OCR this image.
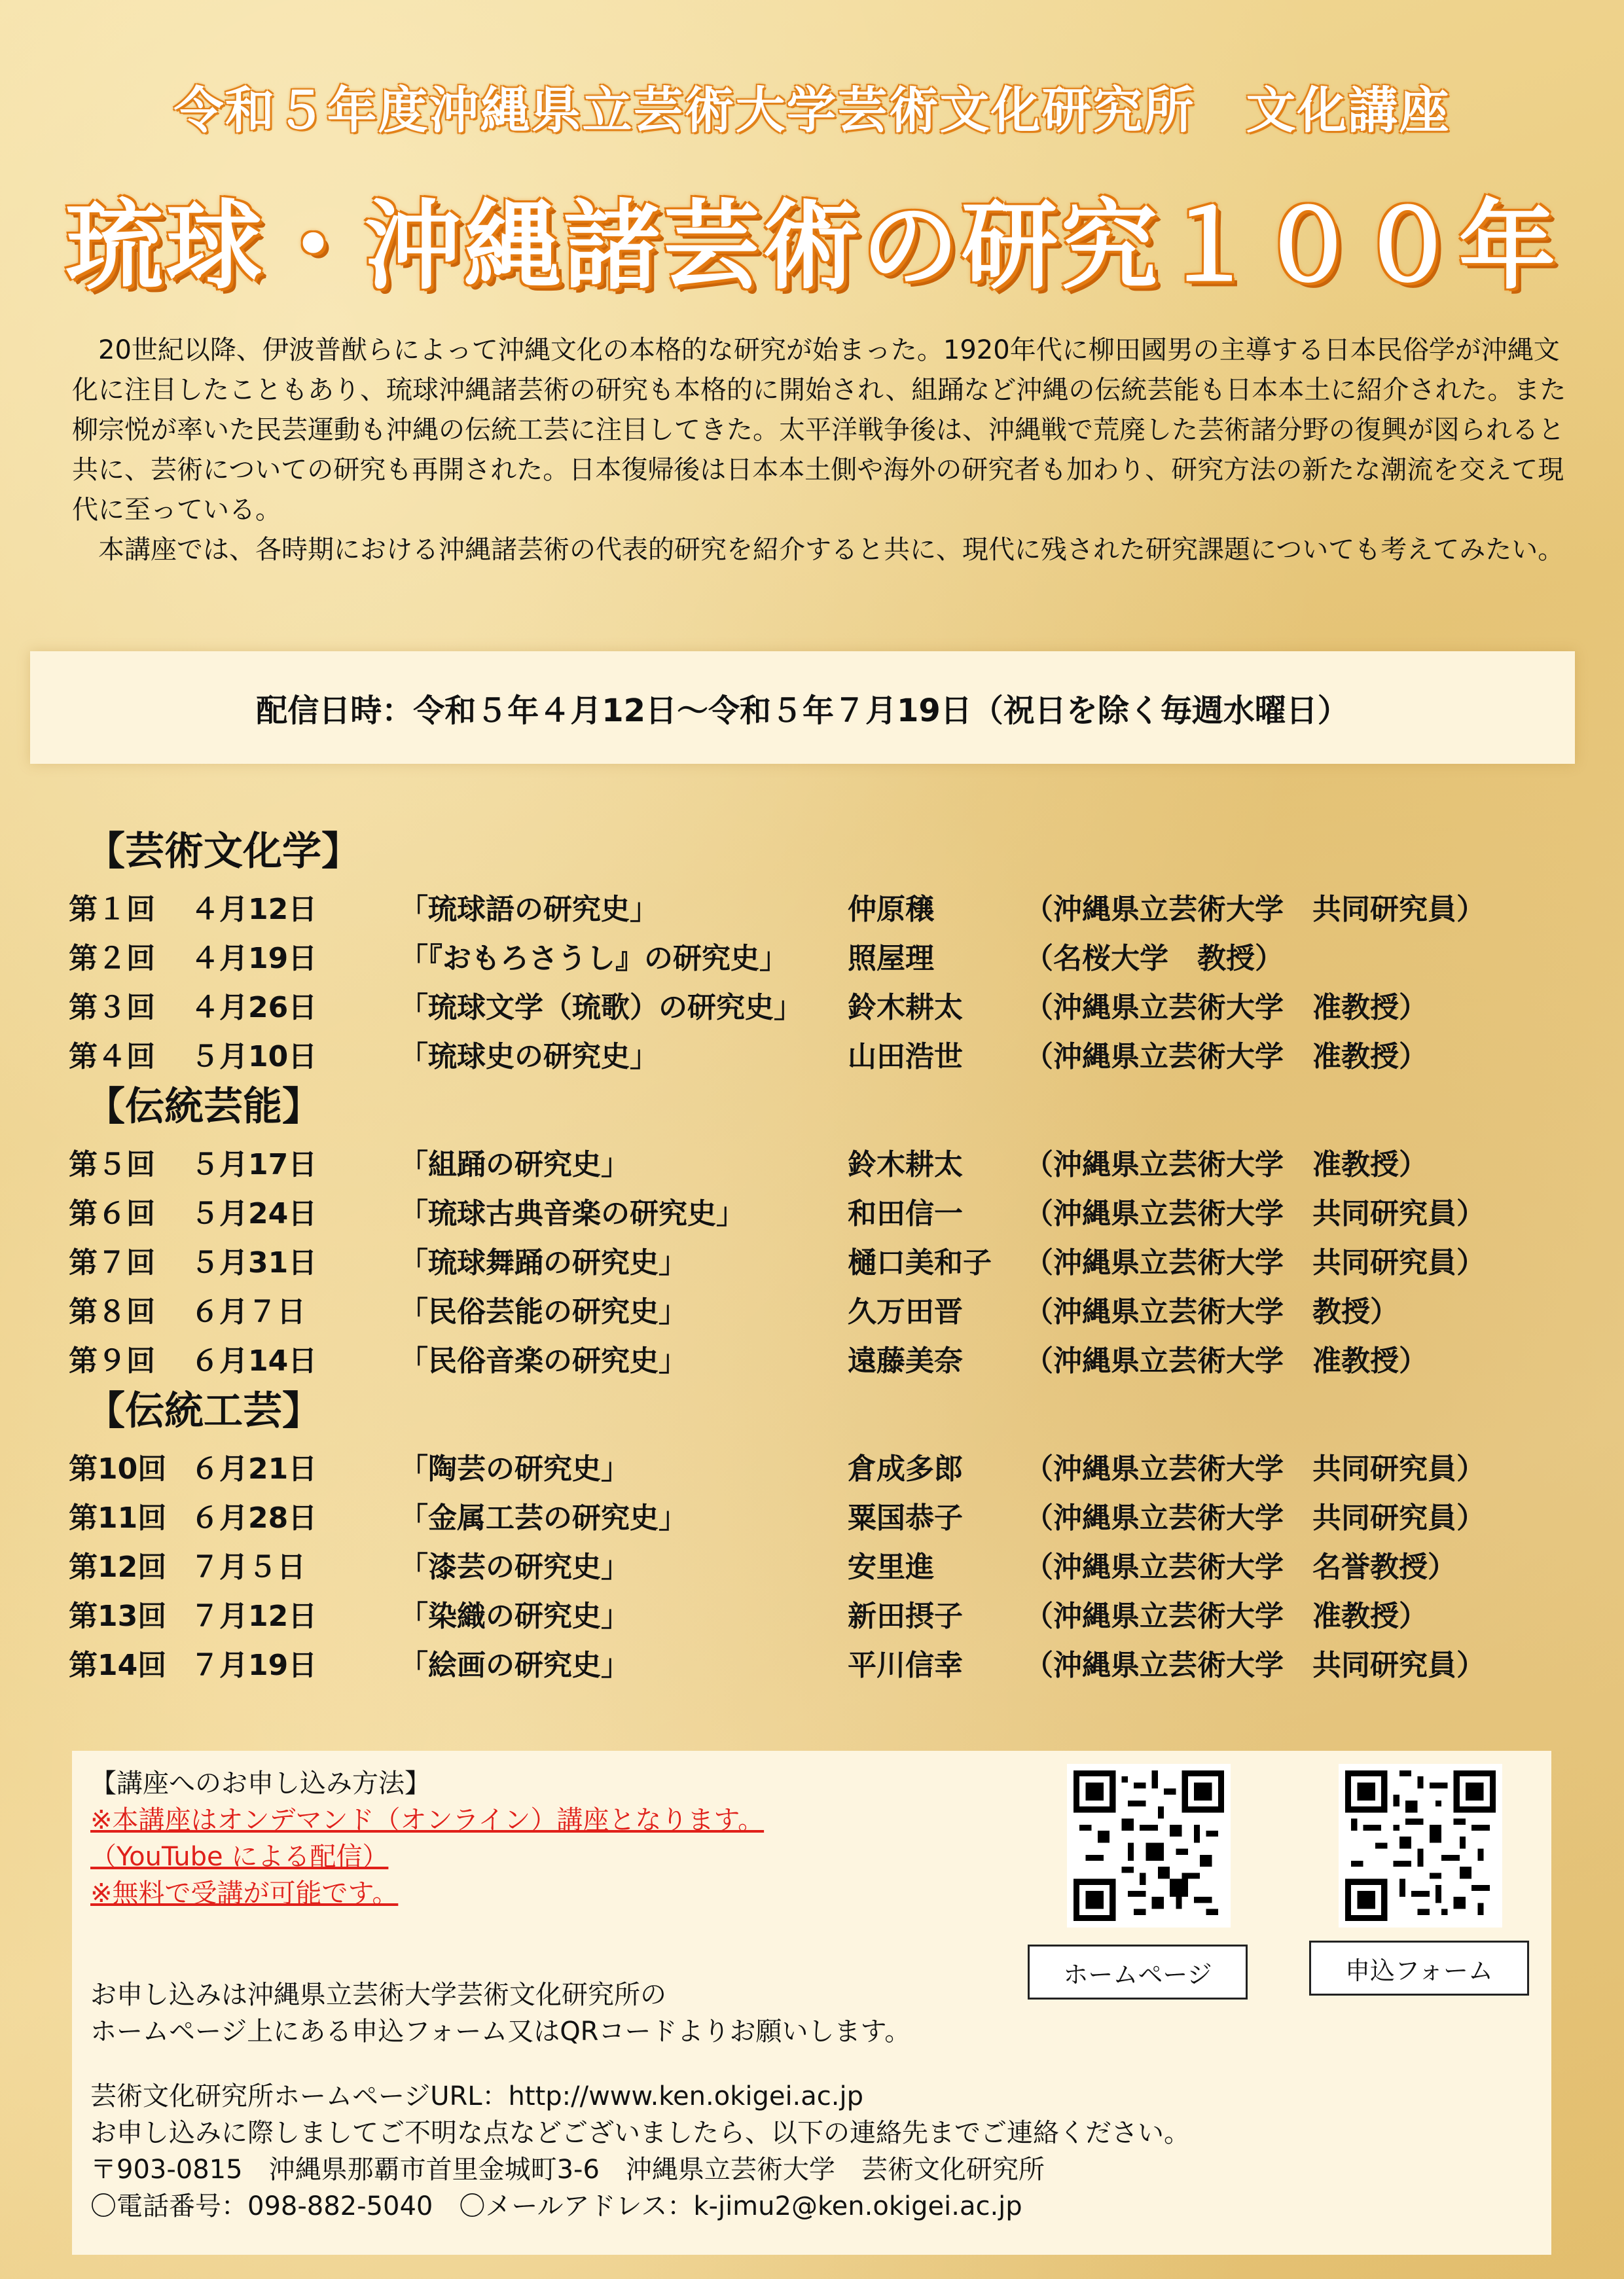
令和５年度沖縄県立芸術大学芸術文化研究所　文化講座
琉球・沖縄諸芸術の研究１００年

20世紀以降、伊波普猷らによって沖縄文化の本格的な研究が始まった。1920年代に柳田國男の主導する日本民俗学が沖縄文化に注目したこともあり、琉球沖縄諸芸術の研究も本格的に開始され、組踊など沖縄の伝統芸能も日本本土に紹介された。また柳宗悦が率いた民芸運動も沖縄の伝統工芸に注目してきた。太平洋戦争後は、沖縄戦で荒廃した芸術諸分野の復興が図られると共に、芸術についての研究も再開された。日本復帰後は日本本土側や海外の研究者も加わり、研究方法の新たな潮流を交えて現代に至っている。

本講座では、各時期における沖縄諸芸術の代表的研究を紹介すると共に、現代に残された研究課題についても考えてみたい。

配信日時：令和５年４月12日～令和５年７月19日（祝日を除く毎週水曜日）
【芸術文化学】
第１回 ４月12日	「琉球語の研究史」	仲原穣	（沖縄県立芸術大学　共同研究員）
第２回 ４月19日	「『おもろさうし』の研究史」 照屋理	（名桜大学　教授）
第３回 ４月26日	「琉球文学（琉歌）の研究史」 鈴木耕太 （沖縄県立芸術大学　准教授）
第４回 ５月10日	「琉球史の研究史」	山田浩世 （沖縄県立芸術大学　准教授）
【伝統芸能】
第５回 ５月17日	「組踊の研究史」	鈴木耕太 （沖縄県立芸術大学　准教授）
第６回 ５月24日	「琉球古典音楽の研究史」	和田信一 （沖縄県立芸術大学　共同研究員）
第７回 ５月31日	「琉球舞踊の研究史」	樋口美和子 （沖縄県立芸術大学　共同研究員）
第８回 ６月７日	「民俗芸能の研究史」	久万田晋 （沖縄県立芸術大学　教授）
第９回 ６月14日	「民俗音楽の研究史」	遠藤美奈 （沖縄県立芸術大学　准教授）
【伝統工芸】
第10回 ６月21日	「陶芸の研究史」	倉成多郎 （沖縄県立芸術大学　共同研究員）
第11回 ６月28日	「金属工芸の研究史」	粟国恭子 （沖縄県立芸術大学　共同研究員）
第12回 ７月５日	「漆芸の研究史」	安里進	（沖縄県立芸術大学　名誉教授）
第13回 ７月12日	「染織の研究史」	新田摂子 （沖縄県立芸術大学　准教授）
第14回 ７月19日	「絵画の研究史」	平川信幸 （沖縄県立芸術大学　共同研究員）
【講座へのお申し込み方法】
※本講座はオンデマンド（オンライン）講座となります。
（YouTube による配信）
※無料で受講が可能です。
お申し込みは沖縄県立芸術大学芸術文化研究所の
ホームページ上にある申込フォーム又はQRコードよりお願いします。
芸術文化研究所ホームページURL：http://www.ken.okigei.ac.jp
お申し込みに際しましてご不明な点などございましたら、以下の連絡先までご連絡ください。
〒903-0815　沖縄県那覇市首里金城町3-6　沖縄県立芸術大学　芸術文化研究所
〇電話番号：098-882-5040　〇メールアドレス：k-jimu2@ken.okigei.ac.jp
ホームページ	申込フォーム
